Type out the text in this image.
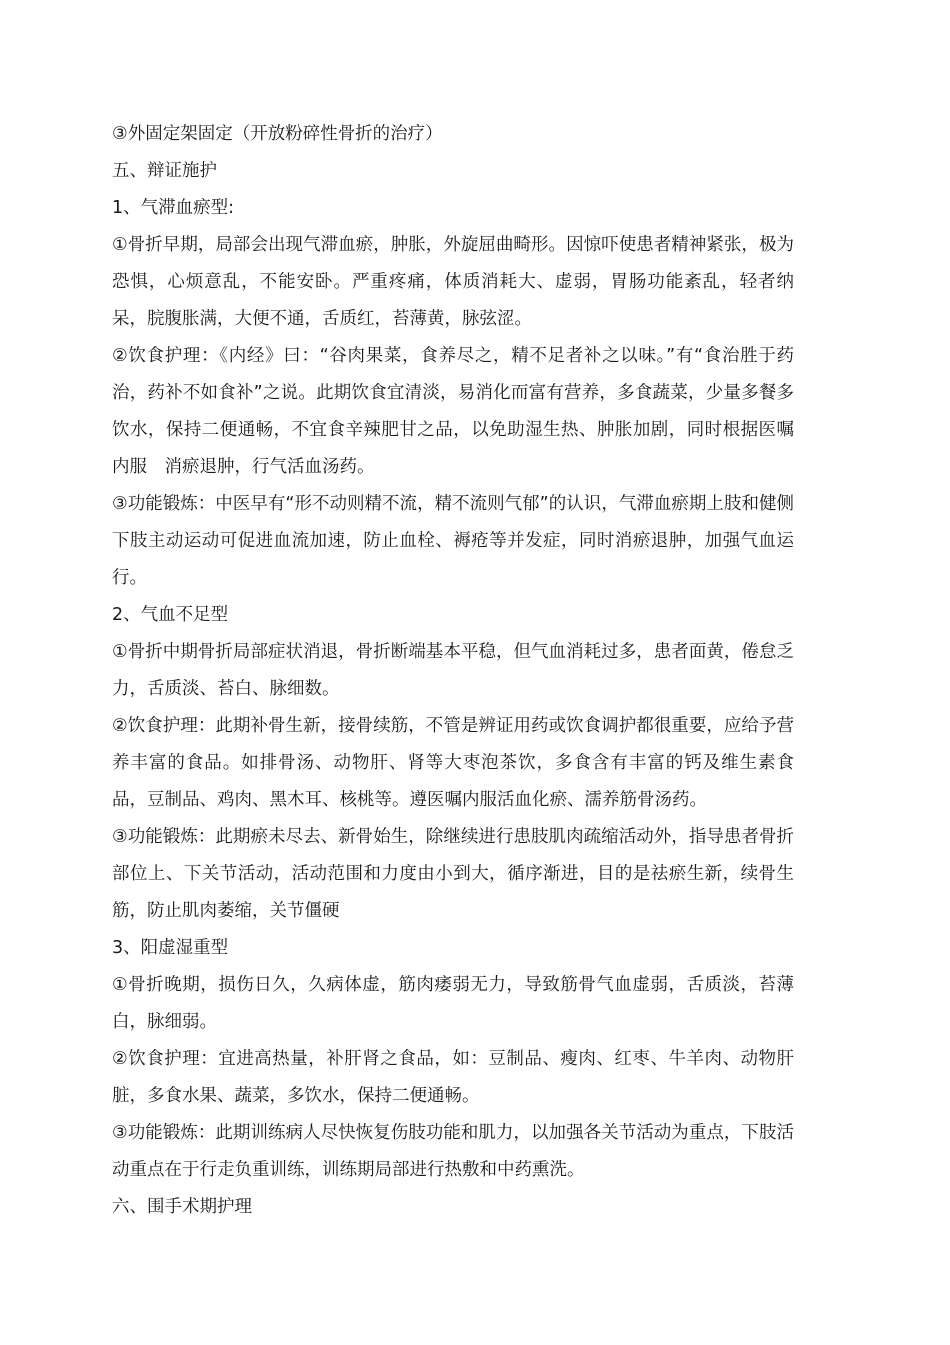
③外固定架固定（开放粉碎性骨折的治疗）

五、辩证施护

1、气滞血瘀型:

①骨折早期，局部会出现气滞血瘀，肿胀，外旋屈曲畸形。因惊吓使患者精神紧张，极为恐惧，心烦意乱，不能安卧。严重疼痛，体质消耗大、虚弱，胃肠功能紊乱，轻者纳呆，脘腹胀满，大便不通，舌质红，苔薄黄，脉弦涩。

②饮食护理：《内经》曰：“谷肉果菜，食养尽之，精不足者补之以味。”有“食治胜于药治，药补不如食补”之说。此期饮食宜清淡，易消化而富有营养，多食蔬菜，少量多餐多饮水，保持二便通畅，不宜食辛辣肥甘之品，以免助湿生热、肿胀加剧，同时根据医嘱内服　消瘀退肿，行气活血汤药。

③功能锻炼：中医早有“形不动则精不流，精不流则气郁”的认识，气滞血瘀期上肢和健侧下肢主动运动可促进血流加速，防止血栓、褥疮等并发症，同时消瘀退肿，加强气血运行。

2、气血不足型

①骨折中期骨折局部症状消退，骨折断端基本平稳，但气血消耗过多，患者面黄，倦怠乏力，舌质淡、苔白、脉细数。

②饮食护理：此期补骨生新，接骨续筋，不管是辨证用药或饮食调护都很重要，应给予营养丰富的食品。如排骨汤、动物肝、肾等大枣泡茶饮，多食含有丰富的钙及维生素食品，豆制品、鸡肉、黑木耳、核桃等。遵医嘱内服活血化瘀、濡养筋骨汤药。

③功能锻炼：此期瘀未尽去、新骨始生，除继续进行患肢肌肉疏缩活动外，指导患者骨折部位上、下关节活动，活动范围和力度由小到大，循序渐进，目的是祛瘀生新，续骨生筋，防止肌肉萎缩，关节僵硬

3、阳虚湿重型

①骨折晚期，损伤日久，久病体虚，筋肉痿弱无力，导致筋骨气血虚弱，舌质淡，苔薄白，脉细弱。

②饮食护理：宜进高热量，补肝肾之食品，如：豆制品、瘦肉、红枣、牛羊肉、动物肝脏，多食水果、蔬菜，多饮水，保持二便通畅。

③功能锻炼：此期训练病人尽快恢复伤肢功能和肌力，以加强各关节活动为重点，下肢活动重点在于行走负重训练，训练期局部进行热敷和中药熏洗。

六、围手术期护理
